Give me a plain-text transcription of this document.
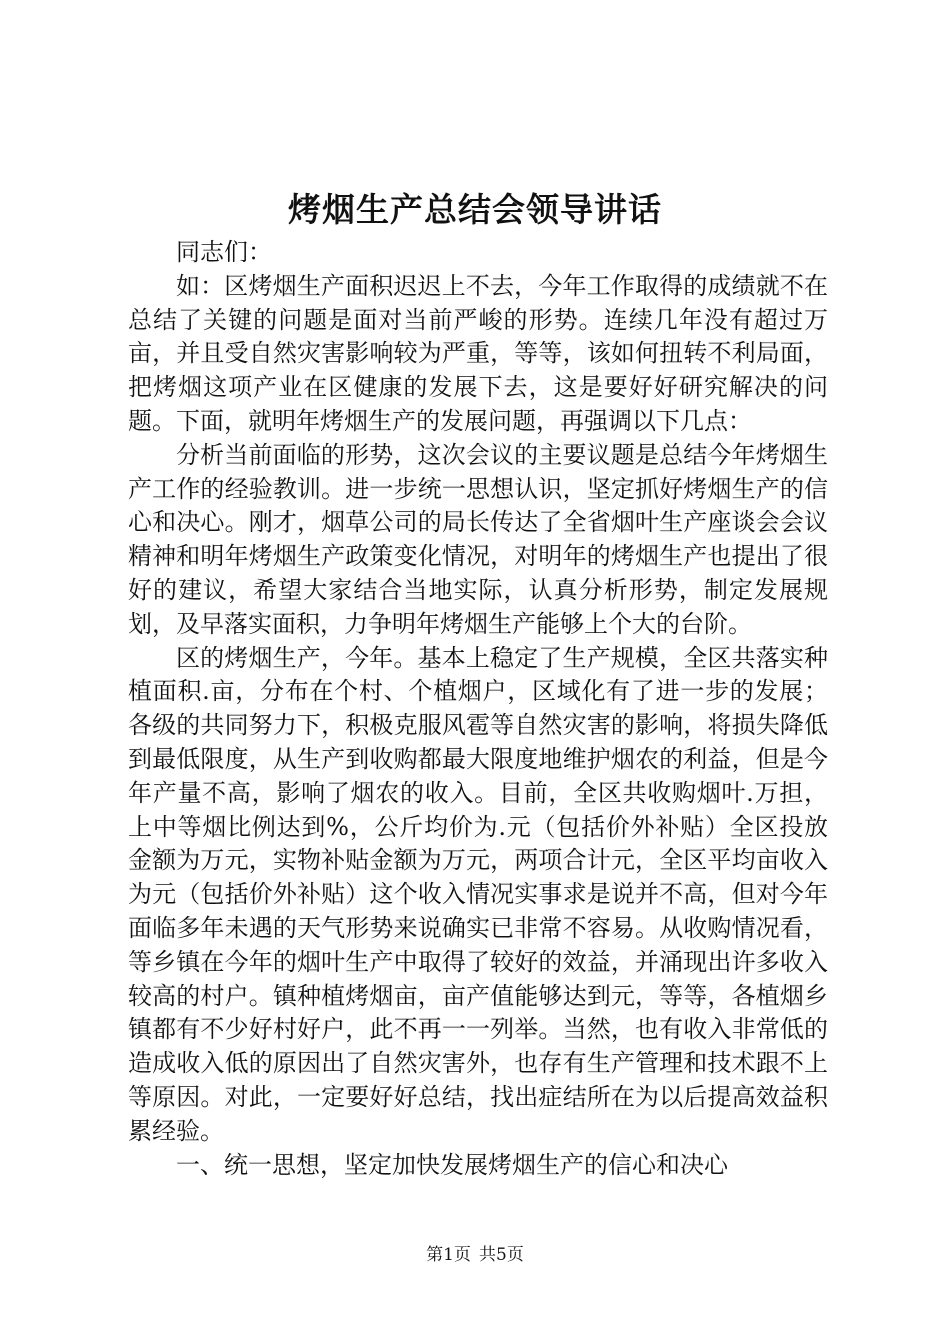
烤烟生产总结会领导讲话

同志们：

如：区烤烟生产面积迟迟上不去，今年工作取得的成绩就不在总结了关键的问题是面对当前严峻的形势。连续几年没有超过万亩，并且受自然灾害影响较为严重，等等，该如何扭转不利局面，把烤烟这项产业在区健康的发展下去，这是要好好研究解决的问题。下面，就明年烤烟生产的发展问题，再强调以下几点：

分析当前面临的形势，这次会议的主要议题是总结今年烤烟生产工作的经验教训。进一步统一思想认识，坚定抓好烤烟生产的信心和决心。刚才，烟草公司的局长传达了全省烟叶生产座谈会会议精神和明年烤烟生产政策变化情况，对明年的烤烟生产也提出了很好的建议，希望大家结合当地实际，认真分析形势，制定发展规划，及早落实面积，力争明年烤烟生产能够上个大的台阶。

区的烤烟生产，今年。基本上稳定了生产规模，全区共落实种植面积.亩，分布在个村、个植烟户，区域化有了进一步的发展；各级的共同努力下，积极克服风雹等自然灾害的影响，将损失降低到最低限度，从生产到收购都最大限度地维护烟农的利益，但是今年产量不高，影响了烟农的收入。目前，全区共收购烟叶.万担，上中等烟比例达到%，公斤均价为.元（包括价外补贴）全区投放金额为万元，实物补贴金额为万元，两项合计元，全区平均亩收入为元（包括价外补贴）这个收入情况实事求是说并不高，但对今年面临多年未遇的天气形势来说确实已非常不容易。从收购情况看，等乡镇在今年的烟叶生产中取得了较好的效益，并涌现出许多收入较高的村户。镇种植烤烟亩，亩产值能够达到元，等等，各植烟乡镇都有不少好村好户，此不再一一列举。当然，也有收入非常低的造成收入低的原因出了自然灾害外，也存有生产管理和技术跟不上等原因。对此，一定要好好总结，找出症结所在为以后提高效益积累经验。

一、统一思想，坚定加快发展烤烟生产的信心和决心

第1页 共5页
